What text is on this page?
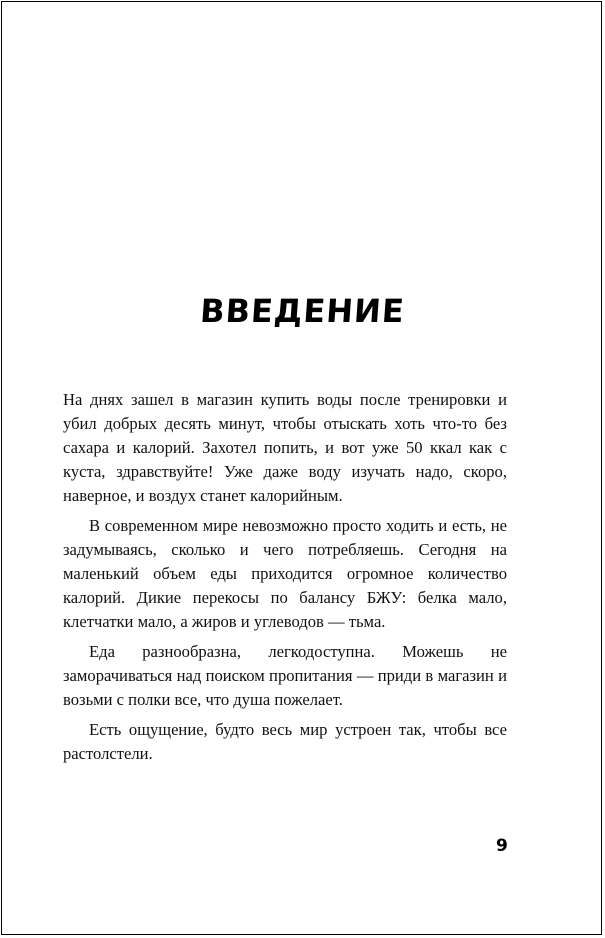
ВВЕДЕНИЕ

На днях зашел в магазин купить воды после тренировки и убил добрых десять минут, чтобы отыскать хоть что-то без сахара и калорий. Захотел попить, и вот уже 50 ккал как с куста, здравствуйте! Уже даже воду изучать надо, скоро, наверное, и воздух станет калорийным.

В современном мире невозможно просто ходить и есть, не задумываясь, сколько и чего потребляешь. Сегодня на маленький объем еды приходится огромное количество калорий. Дикие перекосы по балансу БЖУ: белка мало, клетчатки мало, а жиров и углеводов — тьма.

Еда разнообразна, легкодоступна. Можешь не заморачиваться над поиском пропитания — приди в магазин и возьми с полки все, что душа пожелает.

Есть ощущение, будто весь мир устроен так, чтобы все растолстели.

9
